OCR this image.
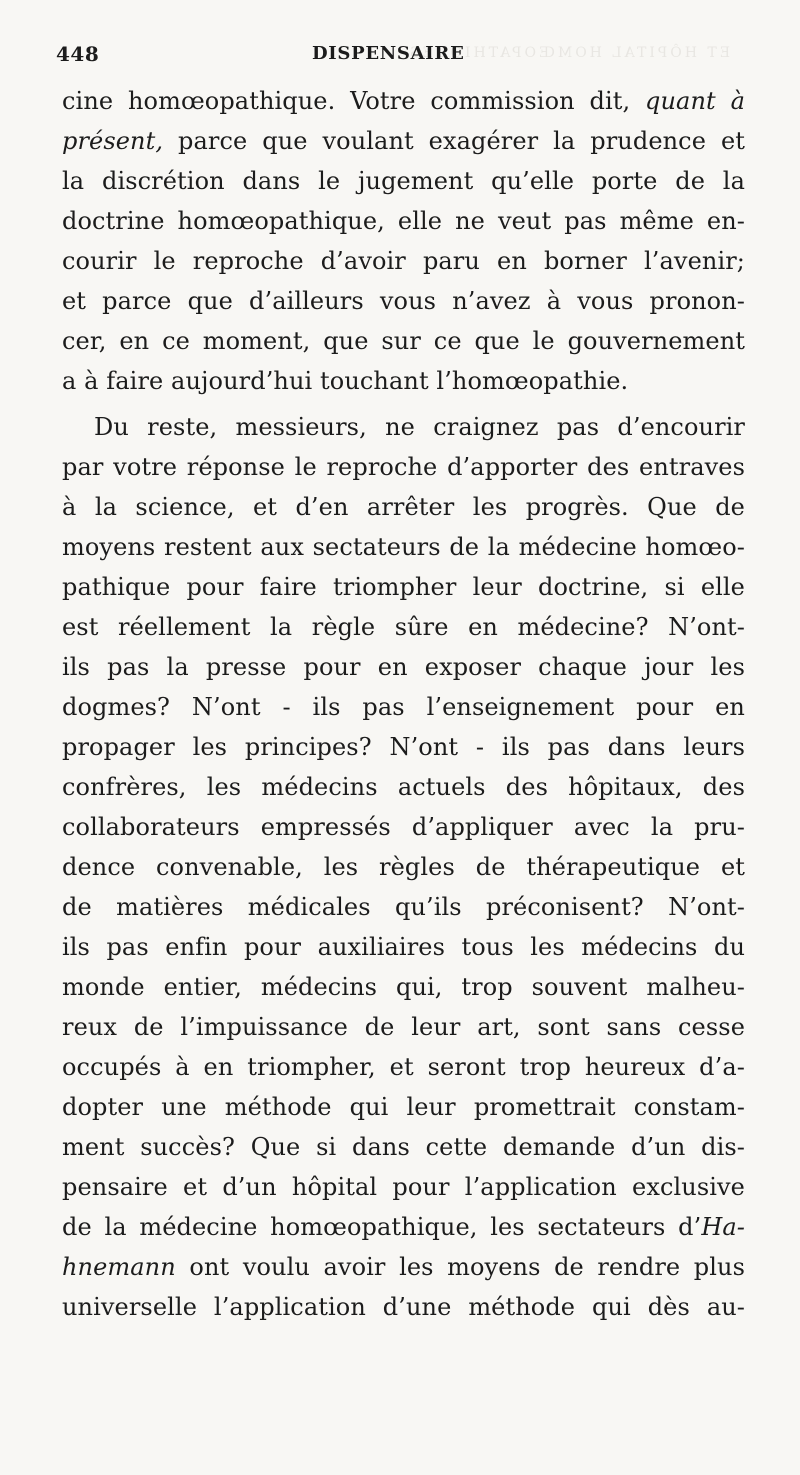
ET HÔPITAL HOMŒOPATHIQUES
448	DISPENSAIRE
cine homœopathique. Votre commission dit, quant à
présent, parce que voulant exagérer la prudence et
la discrétion dans le jugement qu’elle porte de la
doctrine homœopathique, elle ne veut pas même en-
courir le reproche d’avoir paru en borner l’avenir;
et parce que d’ailleurs vous n’avez à vous pronon-
cer, en ce moment, que sur ce que le gouvernement
a à faire aujourd’hui touchant l’homœopathie.
Du reste, messieurs, ne craignez pas d’encourir
par votre réponse le reproche d’apporter des entraves
à la science, et d’en arrêter les progrès. Que de
moyens restent aux sectateurs de la médecine homœo-
pathique pour faire triompher leur doctrine, si elle
est réellement la règle sûre en médecine? N’ont-
ils pas la presse pour en exposer chaque jour les
dogmes? N’ont - ils pas l’enseignement pour en
propager les principes? N’ont - ils pas dans leurs
confrères, les médecins actuels des hôpitaux, des
collaborateurs empressés d’appliquer avec la pru-
dence convenable, les règles de thérapeutique et
de matières médicales qu’ils préconisent? N’ont-
ils pas enfin pour auxiliaires tous les médecins du
monde entier, médecins qui, trop souvent malheu-
reux de l’impuissance de leur art, sont sans cesse
occupés à en triompher, et seront trop heureux d’a-
dopter une méthode qui leur promettrait constam-
ment succès? Que si dans cette demande d’un dis-
pensaire et d’un hôpital pour l’application exclusive
de la médecine homœopathique, les sectateurs d’Ha-
hnemann ont voulu avoir les moyens de rendre plus
universelle l’application d’une méthode qui dès au-
